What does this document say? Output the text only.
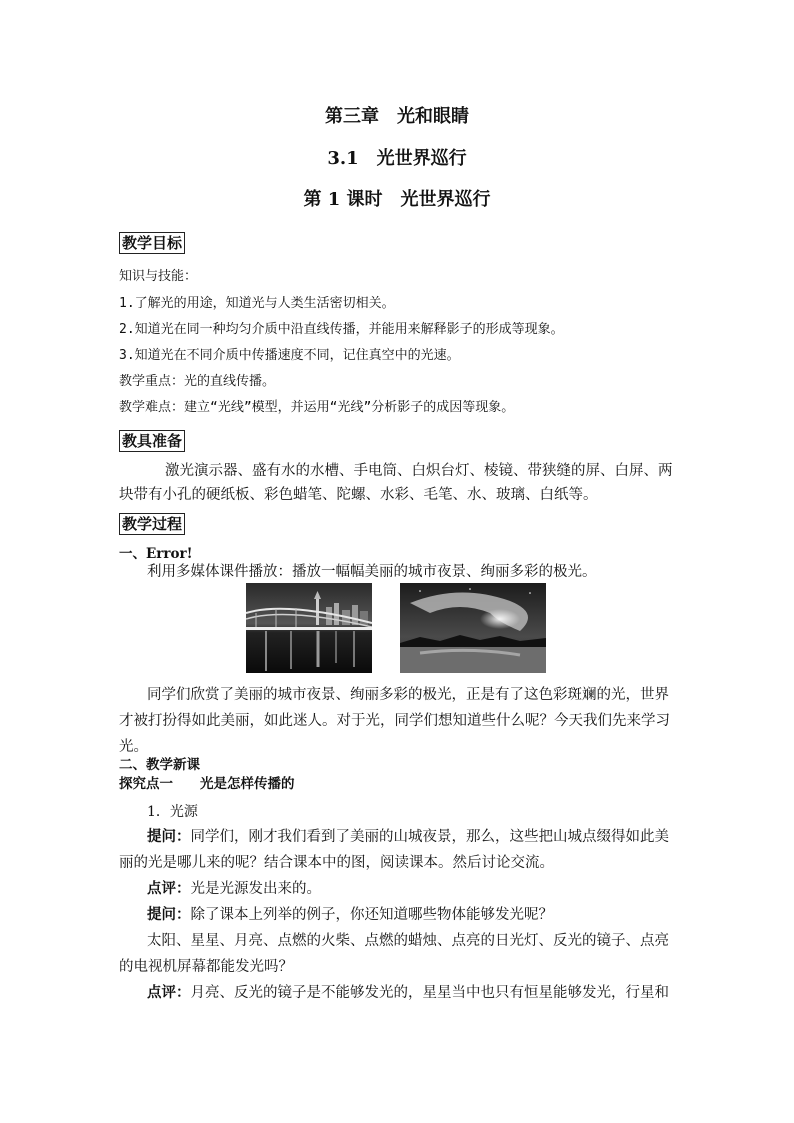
第三章　光和眼睛
3.1　光世界巡行
第 1 课时　光世界巡行
教学目标
知识与技能：
1.了解光的用途，知道光与人类生活密切相关。
2.知道光在同一种均匀介质中沿直线传播，并能用来解释影子的形成等现象。
3.知道光在不同介质中传播速度不同，记住真空中的光速。
教学重点：光的直线传播。
教学难点：建立“光线”模型，并运用“光线”分析影子的成因等现象。
教具准备
激光演示器、盛有水的水槽、手电筒、白炽台灯、棱镜、带狭缝的屏、白屏、两
块带有小孔的硬纸板、彩色蜡笔、陀螺、水彩、毛笔、水、玻璃、白纸等。
教学过程
一、Error!
利用多媒体课件播放：播放一幅幅美丽的城市夜景、绚丽多彩的极光。
同学们欣赏了美丽的城市夜景、绚丽多彩的极光，正是有了这色彩斑斓的光，世界
才被打扮得如此美丽，如此迷人。对于光，同学们想知道些什么呢？今天我们先来学习
光。
二、教学新课
探究点一　　光是怎样传播的
1．光源
提问：同学们，刚才我们看到了美丽的山城夜景，那么，这些把山城点缀得如此美
丽的光是哪儿来的呢？结合课本中的图，阅读课本。然后讨论交流。
点评：光是光源发出来的。
提问：除了课本上列举的例子，你还知道哪些物体能够发光呢？
太阳、星星、月亮、点燃的火柴、点燃的蜡烛、点亮的日光灯、反光的镜子、点亮
的电视机屏幕都能发光吗？
点评：月亮、反光的镜子是不能够发光的，星星当中也只有恒星能够发光，行星和
